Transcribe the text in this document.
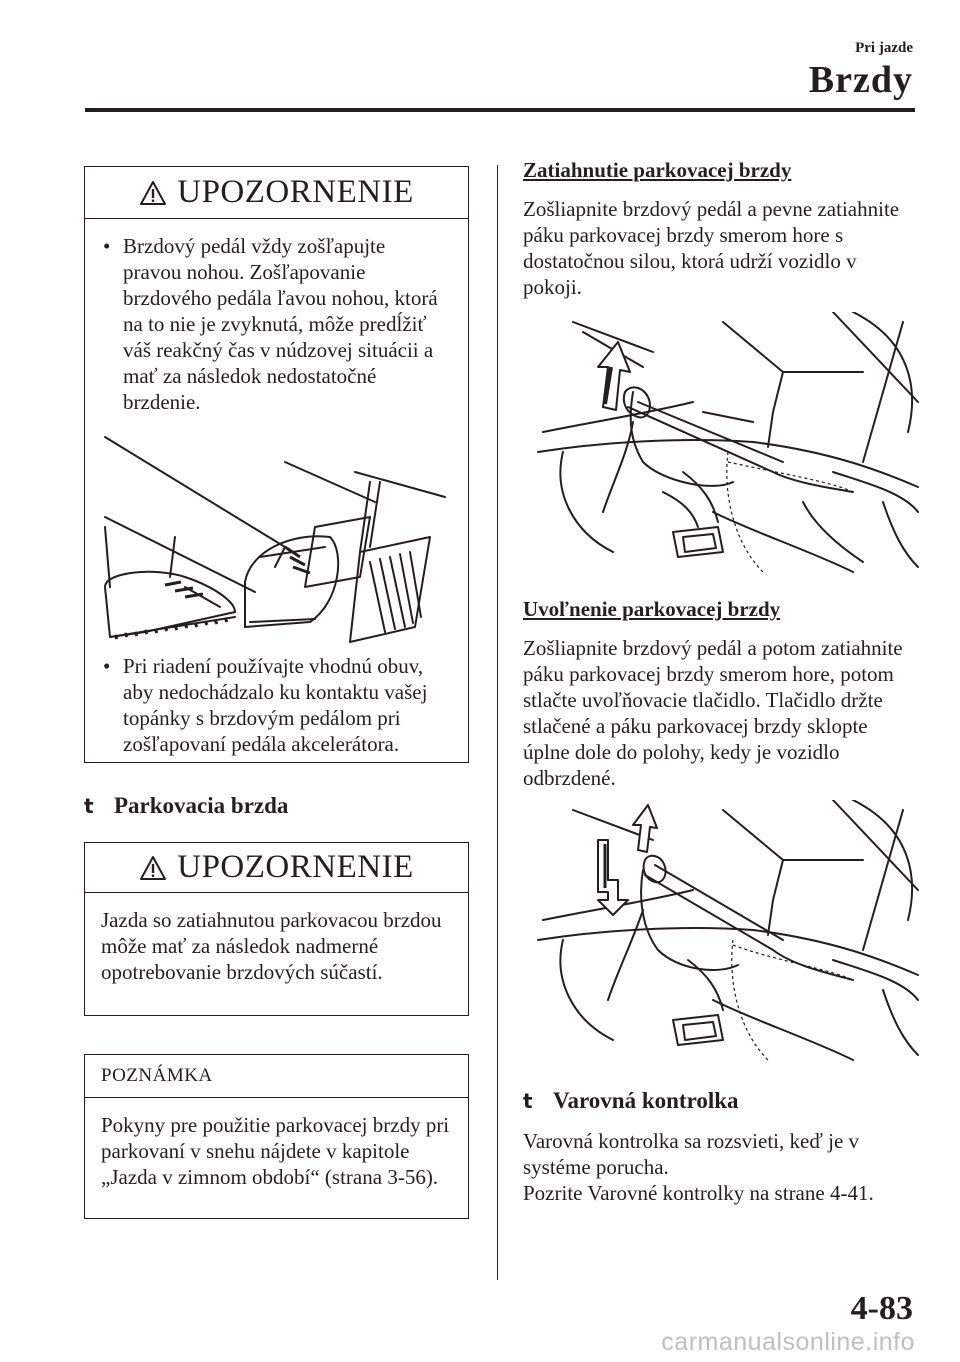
Pri jazde
Brzdy
UPOZORNENIE

• Brzdový pedál vždy zošľapujte pravou nohou. Zošľapovanie brzdového pedála ľavou nohou, ktorá na to nie je zvyknutá, môže predĺžiť váš reakčný čas v núdzovej situácii a mať za následok nedostatočné brzdenie.

• Pri riadení používajte vhodnú obuv, aby nedochádzalo ku kontaktu vašej topánky s brzdovým pedálom pri zošľapovaní pedála akcelerátora.

t Parkovacia brzda
UPOZORNENIE

Jazda so zatiahnutou parkovacou brzdou môže mať za následok nadmerné opotrebovanie brzdových súčastí.

POZNÁMKA

Pokyny pre použitie parkovacej brzdy pri parkovaní v snehu nájdete v kapitole „Jazda v zimnom období“ (strana 3-56).

Zatiahnutie parkovacej brzdy

Zošliapnite brzdový pedál a pevne zatiahnite páku parkovacej brzdy smerom hore s dostatočnou silou, ktorá udrží vozidlo v pokoji.

Uvoľnenie parkovacej brzdy

Zošliapnite brzdový pedál a potom zatiahnite páku parkovacej brzdy smerom hore, potom stlačte uvoľňovacie tlačidlo. Tlačidlo držte stlačené a páku parkovacej brzdy sklopte úplne dole do polohy, kedy je vozidlo odbrzdené.

t Varovná kontrolka

Varovná kontrolka sa rozsvieti, keď je v systéme porucha.

Pozrite Varovné kontrolky na strane 4-41.

4-83
carmanualsonline.info
